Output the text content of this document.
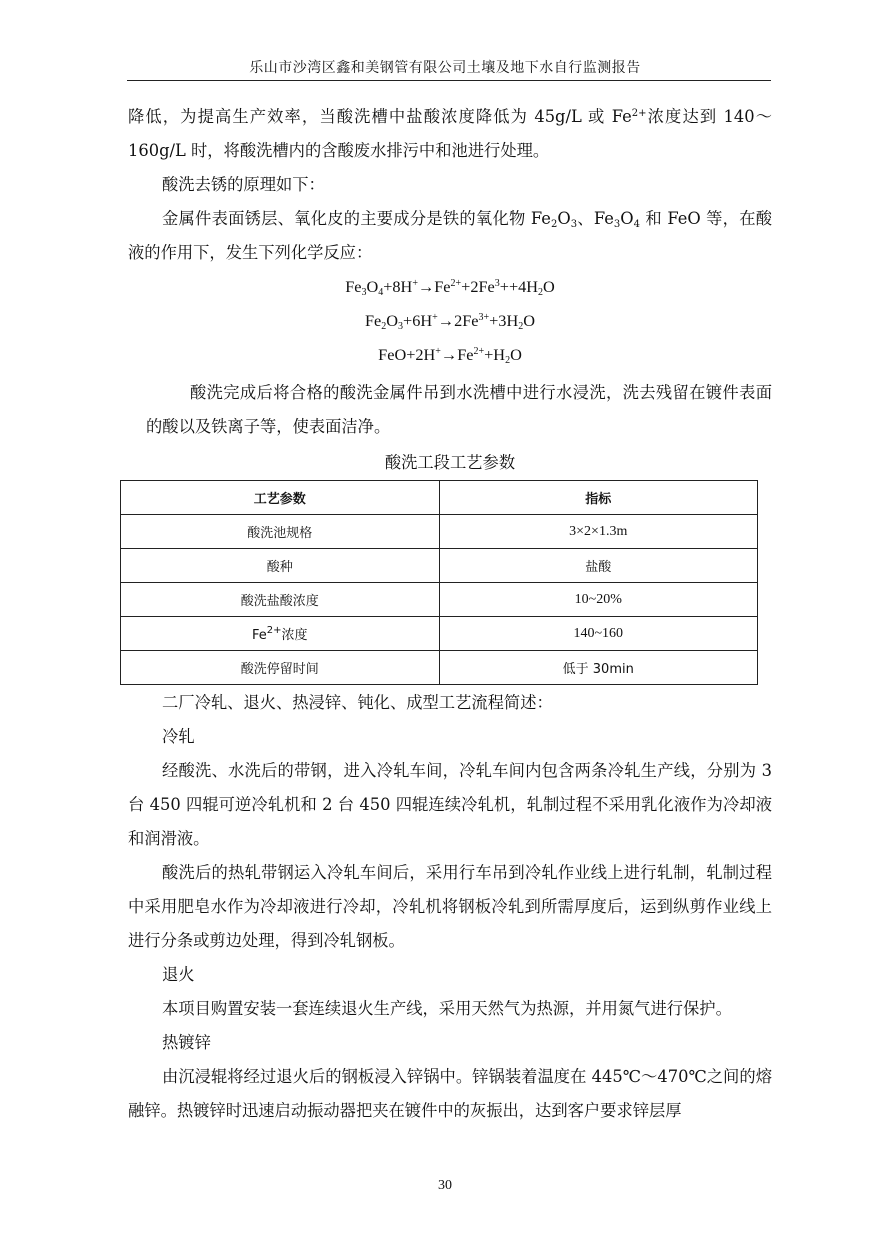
乐山市沙湾区鑫和美钢管有限公司土壤及地下水自行监测报告

降低，为提高生产效率，当酸洗槽中盐酸浓度降低为 45g/L 或 $Fe^{2+}$浓度达到 140～160g/L 时，将酸洗槽内的含酸废水排污中和池进行处理。

酸洗去锈的原理如下：

金属件表面锈层、氧化皮的主要成分是铁的氧化物 $Fe_2O_3$、$Fe_3O_4$ 和 FeO 等，在酸液的作用下，发生下列化学反应：

$Fe_3O_4+8H^+\to Fe^{2+}+2Fe^3++4H_2O$
$Fe_2O_3+6H^+\to 2Fe^{3+}+3H_2O$
$FeO+2H^+\to Fe^{2+}+H_2O$

酸洗完成后将合格的酸洗金属件吊到水洗槽中进行水浸洗，洗去残留在镀件表面的酸以及铁离子等，使表面洁净。

酸洗工段工艺参数
工艺参数	指标
酸洗池规格	3×2×1.3m
酸种	盐酸
酸洗盐酸浓度	10~20%
$Fe^{2+}$浓度	140~160
酸洗停留时间	低于 30min

二厂冷轧、退火、热浸锌、钝化、成型工艺流程简述：

冷轧

经酸洗、水洗后的带钢，进入冷轧车间，冷轧车间内包含两条冷轧生产线，分别为 3 台 450 四辊可逆冷轧机和 2 台 450 四辊连续冷轧机，轧制过程不采用乳化液作为冷却液和润滑液。

酸洗后的热轧带钢运入冷轧车间后，采用行车吊到冷轧作业线上进行轧制，轧制过程中采用肥皂水作为冷却液进行冷却，冷轧机将钢板冷轧到所需厚度后，运到纵剪作业线上进行分条或剪边处理，得到冷轧钢板。

退火

本项目购置安装一套连续退火生产线，采用天然气为热源，并用氮气进行保护。

热镀锌

由沉浸辊将经过退火后的钢板浸入锌锅中。锌锅装着温度在 445℃～470℃之间的熔融锌。热镀锌时迅速启动振动器把夹在镀件中的灰振出，达到客户要求锌层厚

30
